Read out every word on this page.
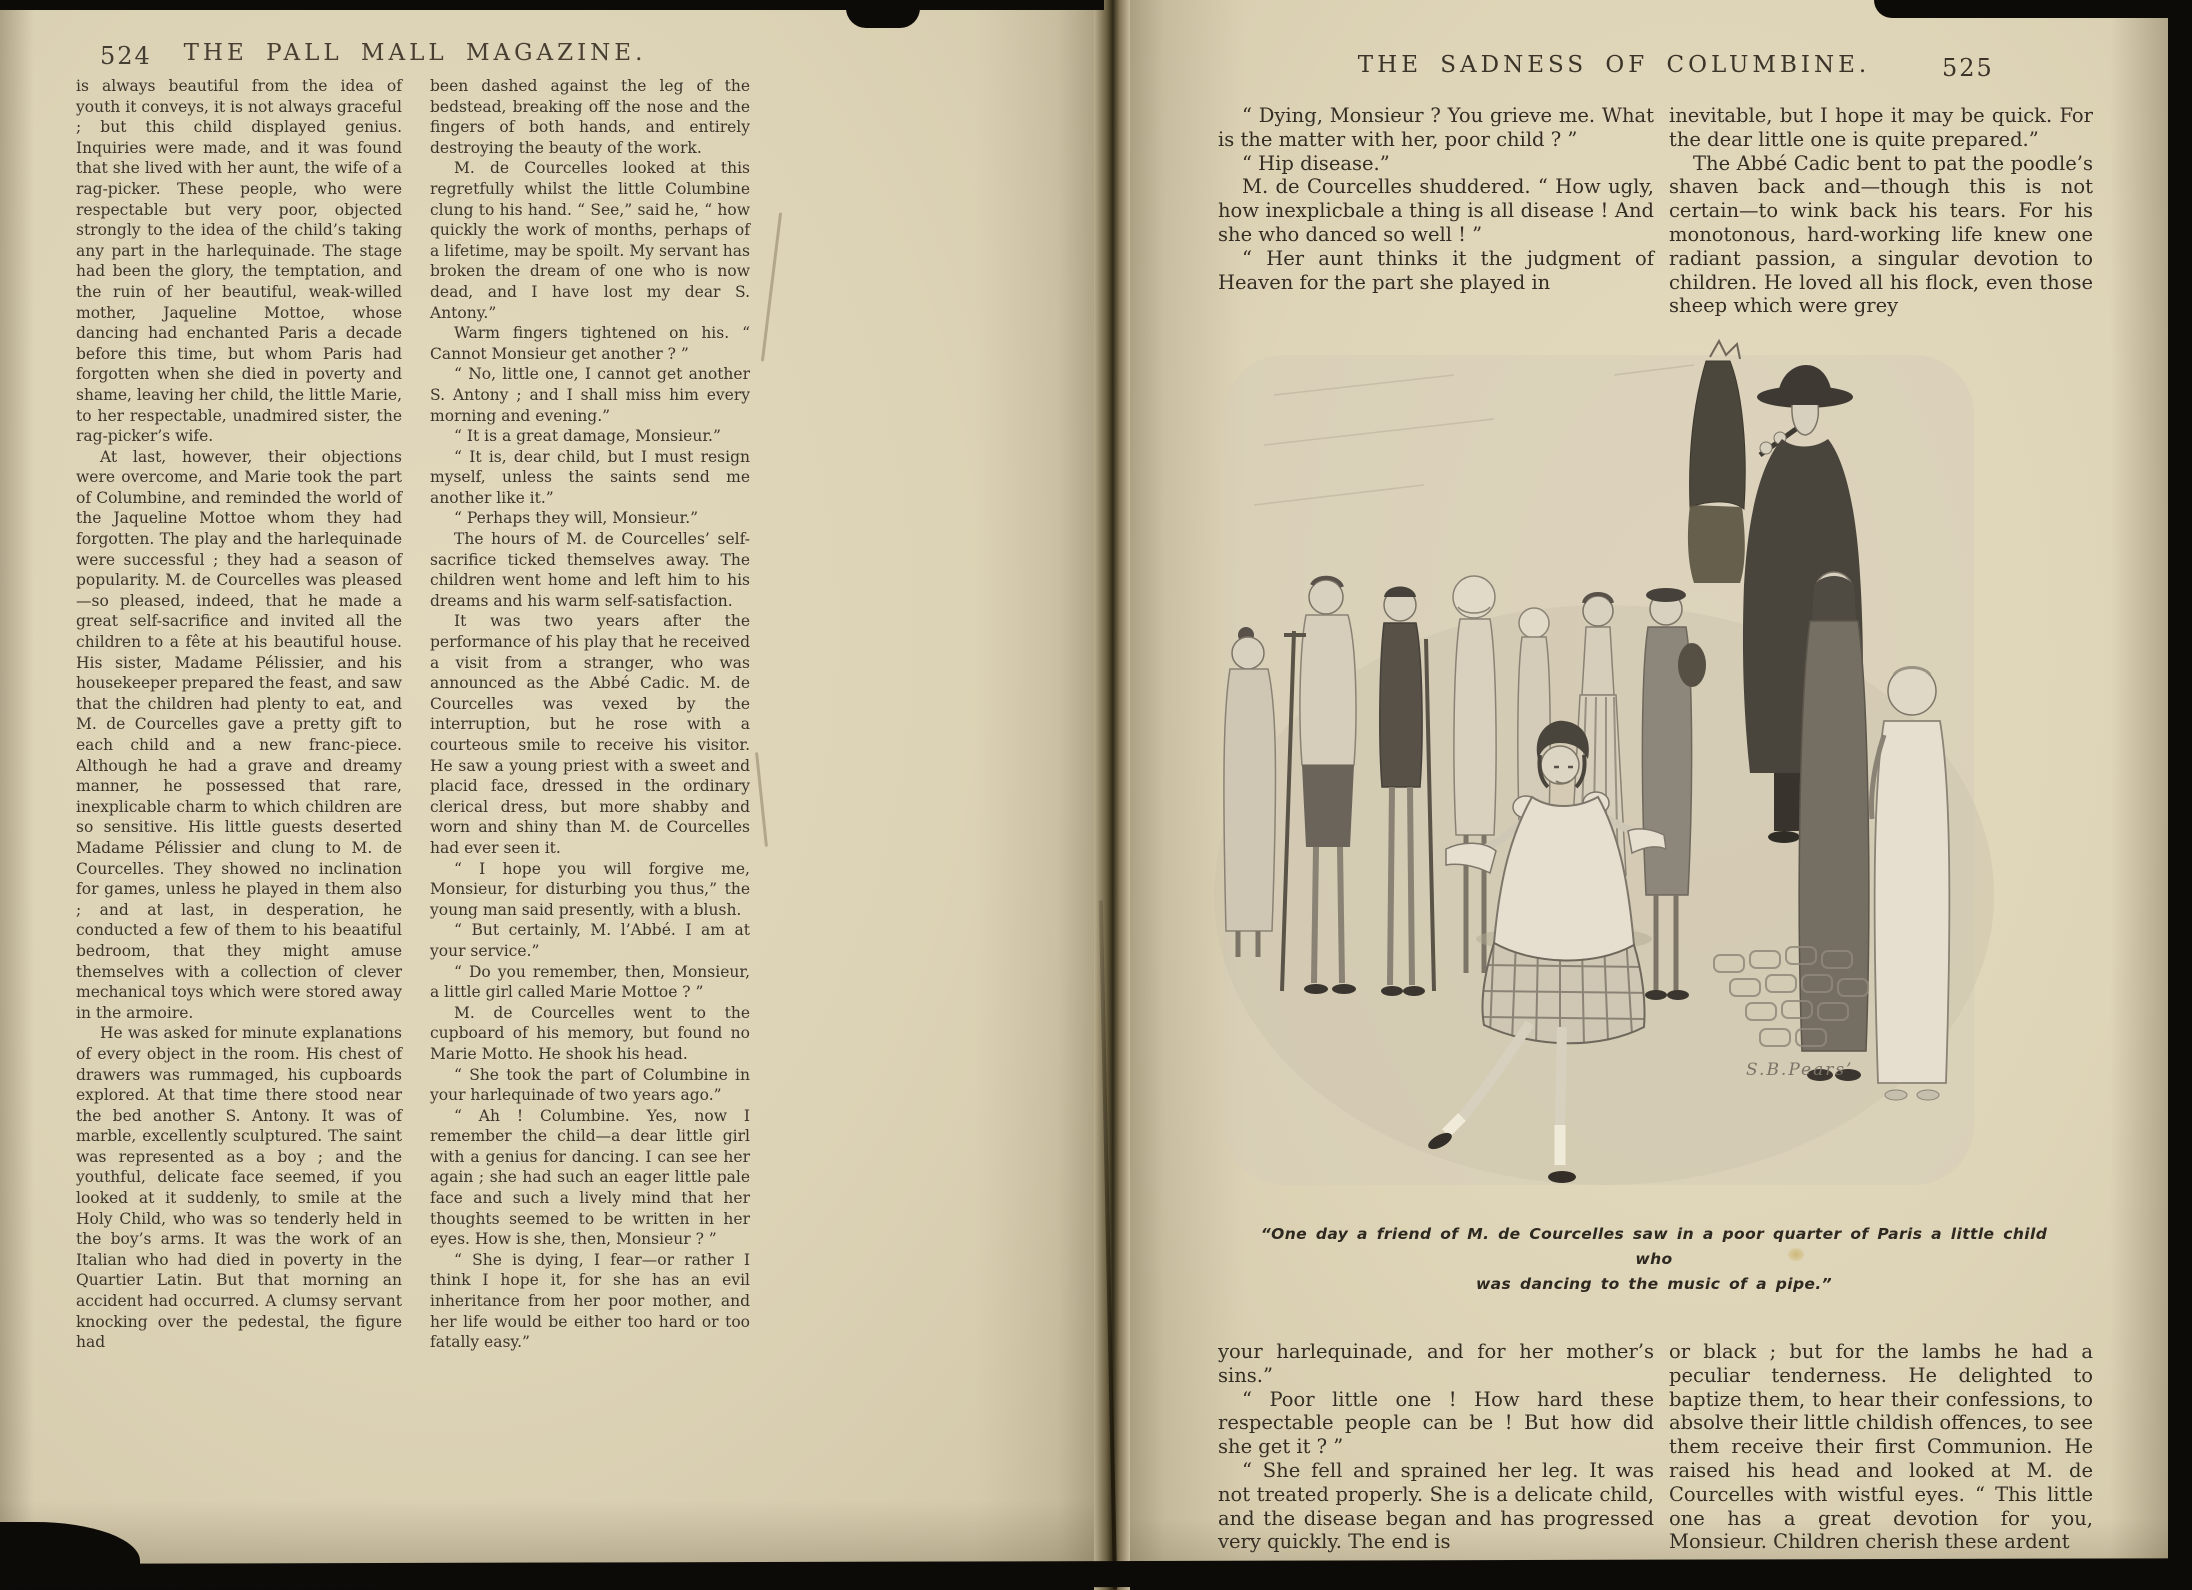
524	THE PALL MALL MAGAZINE.

is always beautiful from the idea of youth it conveys, it is not always graceful ; but this child displayed genius. Inquiries were made, and it was found that she lived with her aunt, the wife of a rag-picker. These people, who were respectable but very poor, objected strongly to the idea of the child’s taking any part in the harlequinade. The stage had been the glory, the temptation, and the ruin of her beautiful, weak-willed mother, Jaqueline Mottoe, whose dancing had enchanted Paris a decade before this time, but whom Paris had forgotten when she died in poverty and shame, leaving her child, the little Marie, to her respectable, unadmired sister, the rag-picker’s wife.

At last, however, their objections were overcome, and Marie took the part of Columbine, and reminded the world of the Jaqueline Mottoe whom they had forgotten. The play and the harlequinade were successful ; they had a season of popularity. M. de Courcelles was pleased—so pleased, indeed, that he made a great self-sacrifice and invited all the children to a fête at his beautiful house. His sister, Madame Pélissier, and his housekeeper prepared the feast, and saw that the children had plenty to eat, and M. de Courcelles gave a pretty gift to each child and a new franc-piece. Although he had a grave and dreamy manner, he possessed that rare, inexplicable charm to which children are so sensitive. His little guests deserted Madame Pélissier and clung to M. de Courcelles. They showed no inclination for games, unless he played in them also ; and at last, in desperation, he conducted a few of them to his beaatiful bedroom, that they might amuse themselves with a collection of clever mechanical toys which were stored away in the armoire.

He was asked for minute explanations of every object in the room. His chest of drawers was rummaged, his cupboards explored. At that time there stood near the bed another S. Antony. It was of marble, excellently sculptured. The saint was represented as a boy ; and the youthful, delicate face seemed, if you looked at it suddenly, to smile at the Holy Child, who was so tenderly held in the boy’s arms. It was the work of an Italian who had died in poverty in the Quartier Latin. But that morning an accident had occurred. A clumsy servant knocking over the pedestal, the figure had

been dashed against the leg of the bedstead, breaking off the nose and the fingers of both hands, and entirely destroying the beauty of the work.

M. de Courcelles looked at this regretfully whilst the little Columbine clung to his hand. “ See,” said he, “ how quickly the work of months, perhaps of a lifetime, may be spoilt. My servant has broken the dream of one who is now dead, and I have lost my dear S. Antony.”

Warm fingers tightened on his. “ Cannot Monsieur get another ? ”

“ No, little one, I cannot get another S. Antony ; and I shall miss him every morning and evening.”

“ It is a great damage, Monsieur.”

“ It is, dear child, but I must resign myself, unless the saints send me another like it.”

“ Perhaps they will, Monsieur.”

The hours of M. de Courcelles’ self-sacrifice ticked themselves away. The children went home and left him to his dreams and his warm self-satisfaction.

It was two years after the performance of his play that he received a visit from a stranger, who was announced as the Abbé Cadic. M. de Courcelles was vexed by the interruption, but he rose with a courteous smile to receive his visitor. He saw a young priest with a sweet and placid face, dressed in the ordinary clerical dress, but more shabby and worn and shiny than M. de Courcelles had ever seen it.

“ I hope you will forgive me, Monsieur, for disturbing you thus,” the young man said presently, with a blush.

“ But certainly, M. l’Abbé. I am at your service.”

“ Do you remember, then, Monsieur, a little girl called Marie Mottoe ? ”

M. de Courcelles went to the cupboard of his memory, but found no Marie Motto. He shook his head.

“ She took the part of Columbine in your harlequinade of two years ago.”

“ Ah ! Columbine. Yes, now I remember the child—a dear little girl with a genius for dancing. I can see her again ; she had such an eager little pale face and such a lively mind that her thoughts seemed to be written in her eyes. How is she, then, Monsieur ? ”

“ She is dying, I fear—or rather I think I hope it, for she has an evil inheritance from her poor mother, and her life would be either too hard or too fatally easy.”

THE SADNESS OF COLUMBINE.	525

“ Dying, Monsieur ? You grieve me. What is the matter with her, poor child ? ”

“ Hip disease.”

M. de Courcelles shuddered. “ How ugly, how inexplicbale a thing is all disease ! And she who danced so well ! ”

“ Her aunt thinks it the judgment of Heaven for the part she played in

inevitable, but I hope it may be quick. For the dear little one is quite prepared.”

The Abbé Cadic bent to pat the poodle’s shaven back and—though this is not certain—to wink back his tears. For his monotonous, hard-working life knew one radiant passion, a singular devotion to children. He loved all his flock, even those sheep which were grey

S.B.Pears’
“One day a friend of M. de Courcelles saw in a poor quarter of Paris a little child who
was dancing to the music of a pipe.”

your harlequinade, and for her mother’s sins.”

“ Poor little one ! How hard these respectable people can be ! But how did she get it ? ”

“ She fell and sprained her leg. It was not treated properly. She is a delicate child, and the disease began and has progressed very quickly. The end is

or black ; but for the lambs he had a peculiar tenderness. He delighted to baptize them, to hear their confessions, to absolve their little childish offences, to see them receive their first Communion. He raised his head and looked at M. de Courcelles with wistful eyes. “ This little one has a great devotion for you, Monsieur. Children cherish these ardent
